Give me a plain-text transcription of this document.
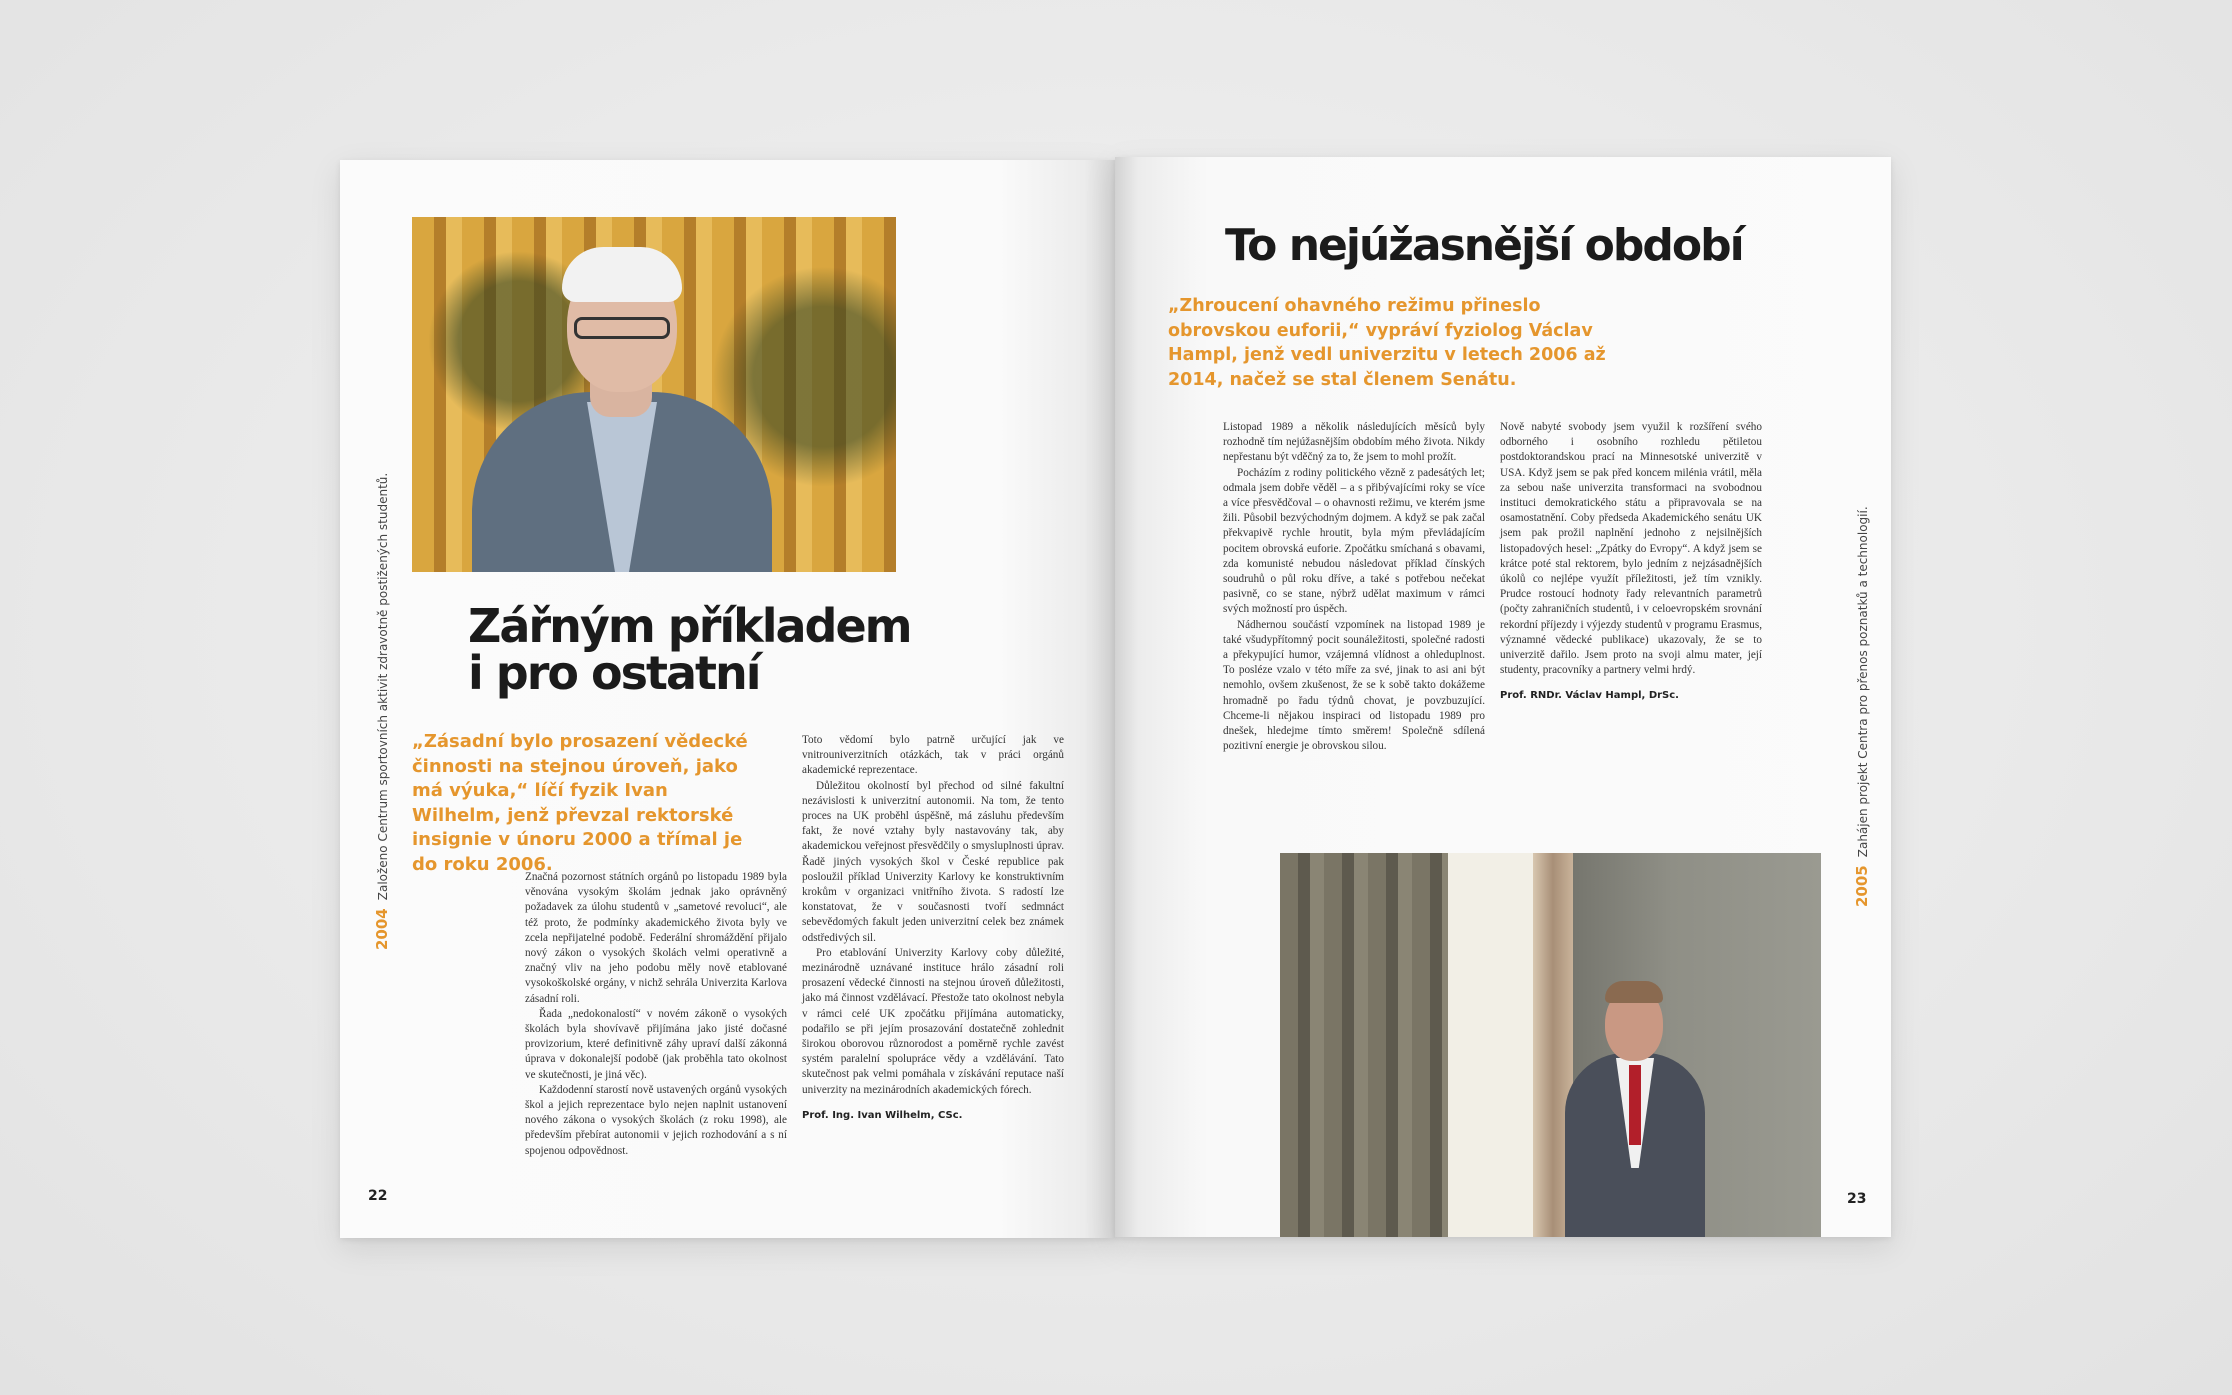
2004Založeno Centrum sportovních aktivit zdravotně postižených studentů. Zářným příkladem
i pro ostatní

„Zásadní bylo prosazení vědecké činnosti na stejnou úroveň, jako má výuka,“ líčí fyzik Ivan Wilhelm, jenž převzal rektorské insignie v únoru 2000 a třímal je do roku 2006.

Značná pozornost státních orgánů po listopadu 1989 byla věnována vysokým školám jednak jako oprávněný požadavek za úlohu studentů v „sametové revoluci“, ale též proto, že podmínky akademického života byly ve zcela nepřijatelné podobě. Federální shromáždění přijalo nový zákon o vysokých školách velmi operativně a značný vliv na jeho podobu měly nově etablované vysokoškolské orgány, v nichž sehrála Univerzita Karlova zásadní roli.

Řada „nedokonalostí“ v novém zákoně o vysokých školách byla shovívavě přijímána jako jisté dočasné provizorium, které definitivně záhy upraví další zákonná úprava v dokonalejší podobě (jak proběhla tato okolnost ve skutečnosti, je jiná věc).

Každodenní starostí nově ustavených orgánů vysokých škol a jejich reprezentace bylo nejen naplnit ustanovení nového zákona o vysokých školách (z roku 1998), ale především přebírat autonomii v jejich rozhodování a s ní spojenou odpovědnost.

Toto vědomí bylo patrně určující jak ve vnitrouniverzitních otázkách, tak v práci orgánů akademické reprezentace.

Důležitou okolností byl přechod od silné fakultní nezávislosti k univerzitní autonomii. Na tom, že tento proces na UK proběhl úspěšně, má zásluhu především fakt, že nové vztahy byly nastavovány tak, aby akademickou veřejnost přesvědčily o smysluplnosti úprav. Řadě jiných vysokých škol v České republice pak posloužil příklad Univerzity Karlovy ke konstruktivním krokům v organizaci vnitřního života. S radostí lze konstatovat, že v současnosti tvoří sedmnáct sebevědomých fakult jeden univerzitní celek bez známek odstředivých sil.

Pro etablování Univerzity Karlovy coby důležité, mezinárodně uznávané instituce hrálo zásadní roli prosazení vědecké činnosti na stejnou úroveň důležitosti, jako má činnost vzdělávací. Přestože tato okolnost nebyla v rámci celé UK zpočátku přijímána automaticky, podařilo se při jejím prosazování dostatečně zohlednit širokou oborovou různorodost a poměrně rychle zavést systém paralelní spolupráce vědy a vzdělávání. Tato skutečnost pak velmi pomáhala v získávání reputace naší univerzity na mezinárodních akademických fórech.

Prof. Ing. Ivan Wilhelm, CSc.

22
To nejúžasnější období

„Zhroucení ohavného režimu přineslo obrovskou euforii,“ vypráví fyziolog Václav Hampl, jenž vedl univerzitu v letech 2006 až 2014, načež se stal členem Senátu.

Listopad 1989 a několik následujících měsíců byly rozhodně tím nejúžasnějším obdobím mého života. Nikdy nepřestanu být vděčný za to, že jsem to mohl prožít.

Pocházím z rodiny politického vězně z padesátých let; odmala jsem dobře věděl – a s přibývajícími roky se více a více přesvědčoval – o ohavnosti režimu, ve kterém jsme žili. Působil bezvýchodným dojmem. A když se pak začal překvapivě rychle hroutit, byla mým převládajícím pocitem obrovská euforie. Zpočátku smíchaná s obavami, zda komunisté nebudou následovat příklad čínských soudruhů o půl roku dříve, a také s potřebou nečekat pasivně, co se stane, nýbrž udělat maximum v rámci svých možností pro úspěch.

Nádhernou součástí vzpomínek na listopad 1989 je také všudypřítomný pocit sounáležitosti, společné radosti a překypující humor, vzájemná vlídnost a ohleduplnost. To posléze vzalo v této míře za své, jinak to asi ani být nemohlo, ovšem zkušenost, že se k sobě takto dokážeme hromadně po řadu týdnů chovat, je povzbuzující. Chceme-li nějakou inspiraci od listopadu 1989 pro dnešek, hledejme tímto směrem! Společně sdílená pozitivní energie je obrovskou silou.

Nově nabyté svobody jsem využil k rozšíření svého odborného i osobního rozhledu pětiletou postdoktorandskou prací na Minnesotské univerzitě v USA. Když jsem se pak před koncem milénia vrátil, měla za sebou naše univerzita transformaci na svobodnou instituci demokratického státu a připravovala se na osamostatnění. Coby předseda Akademického senátu UK jsem pak prožil naplnění jednoho z nejsilnějších listopadových hesel: „Zpátky do Evropy“. A když jsem se krátce poté stal rektorem, bylo jedním z nejzásadnějších úkolů co nejlépe využít příležitosti, jež tím vznikly. Prudce rostoucí hodnoty řady relevantních parametrů (počty zahraničních studentů, i v celoevropském srovnání rekordní příjezdy i výjezdy studentů v programu Erasmus, významné vědecké publikace) ukazovaly, že se to univerzitě dařilo. Jsem proto na svoji almu mater, její studenty, pracovníky a partnery velmi hrdý.

Prof. RNDr. Václav Hampl, DrSc.

2005Zahájen projekt Centra pro přenos poznatků a technologií.
23
